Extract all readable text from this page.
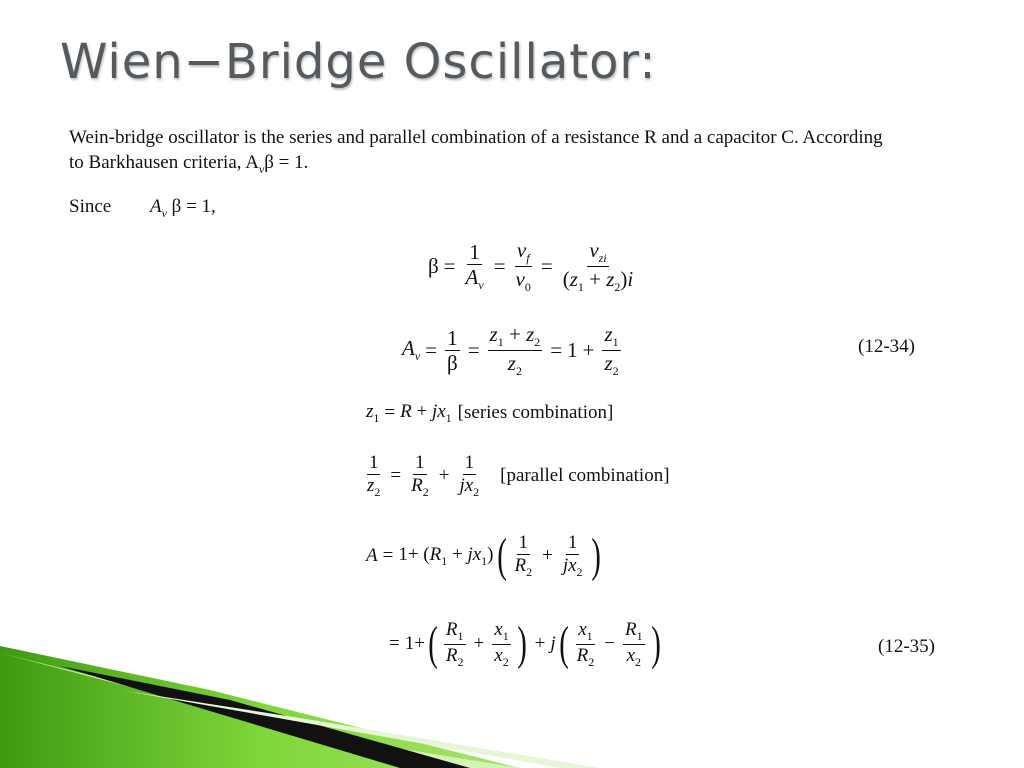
Wien−Bridge Oscillator:
Wein-bridge oscillator is the series and parallel combination of a resistance R and a capacitor C. According
to Barkhausen criteria, $A_v\beta = 1$.
Since $A_v$ β = 1,
$\beta = \frac{1}{A_v} = \frac{v_f}{v_0} = \frac{v_{zi}}{(z_1 + z_2)i}$
$A_v = \frac{1}{\beta} = \frac{z_1 + z_2}{z_2} = 1 + \frac{z_1}{z_2}$	(12-34)
$z_1 = R + jx_1$ [series combination]
$\frac{1}{z_2} = \frac{1}{R_2} + \frac{1}{jx_2}$ [parallel combination]
$A = 1+ (R_1 + jx_1)$ ( $\frac{1}{R_2} + \frac{1}{jx_2}$ )
= 1+ ( $\frac{R_1}{R_2} + \frac{x_1}{x_2}$ ) + j ( $\frac{x_1}{R_2} - \frac{R_1}{x_2}$ )	(12-35)
